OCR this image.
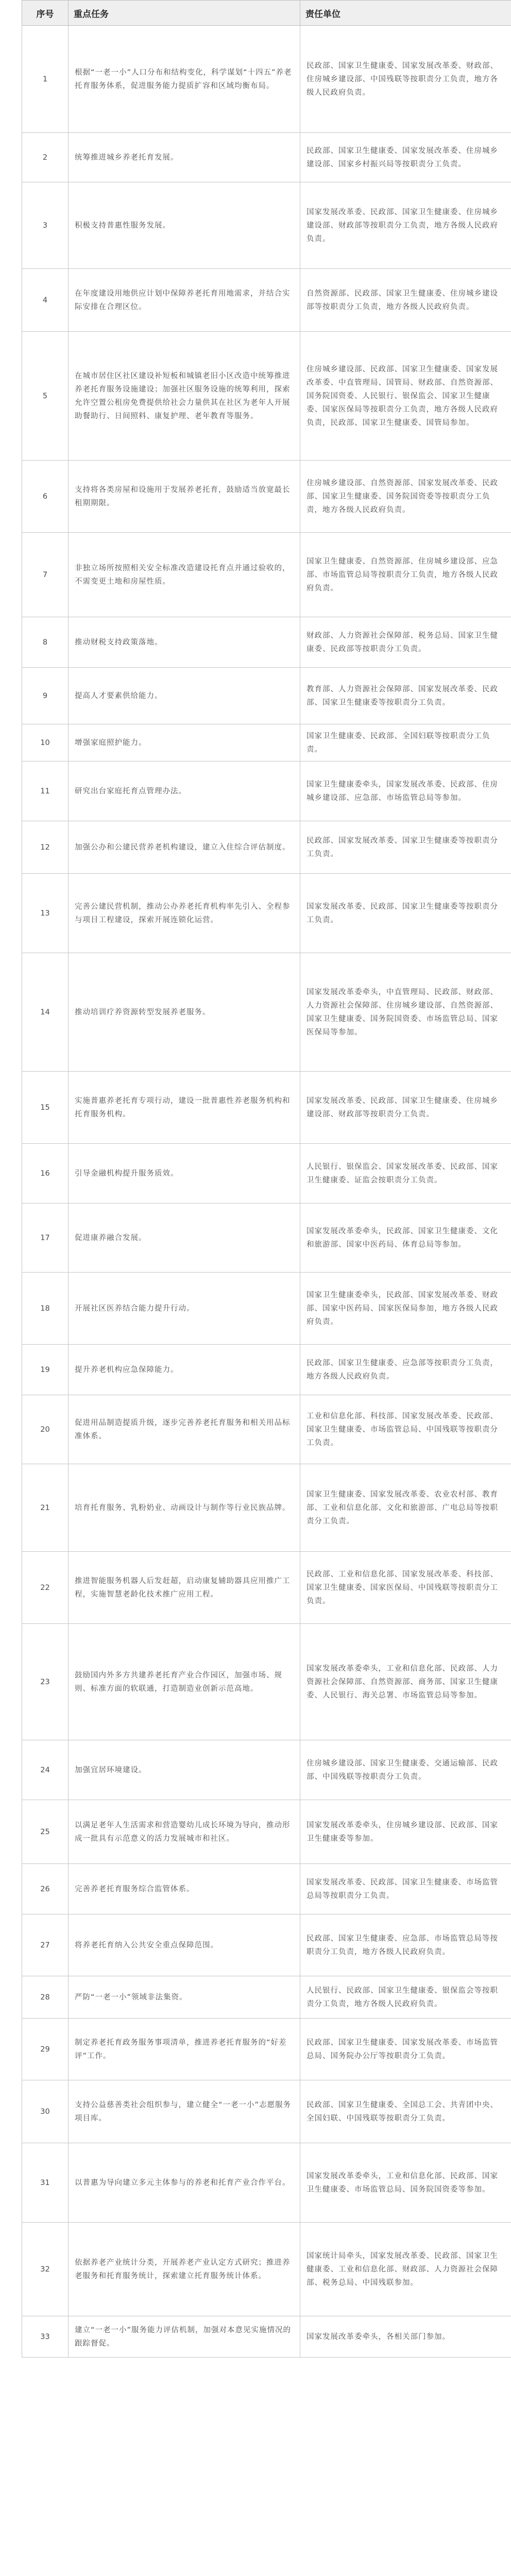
序号	重点任务	责任单位
1	根据“一老一小”人口分布和结构变化，科学谋划“十四五”养老托育服务体系，促进服务能力提质扩容和区域均衡布局。	民政部、国家卫生健康委、国家发展改革委、财政部、住房城乡建设部、中国残联等按职责分工负责，地方各级人民政府负责。
2	统筹推进城乡养老托育发展。	民政部、国家卫生健康委、国家发展改革委、住房城乡建设部、国家乡村振兴局等按职责分工负责。
3	积极支持普惠性服务发展。	国家发展改革委、民政部、国家卫生健康委、住房城乡建设部、财政部等按职责分工负责，地方各级人民政府负责。
4	在年度建设用地供应计划中保障养老托育用地需求，并结合实际安排在合理区位。	自然资源部、民政部、国家卫生健康委、住房城乡建设部等按职责分工负责，地方各级人民政府负责。
5	在城市居住区社区建设补短板和城镇老旧小区改造中统筹推进养老托育服务设施建设；加强社区服务设施的统筹利用，探索允许空置公租房免费提供给社会力量供其在社区为老年人开展助餐助行、日间照料、康复护理、老年教育等服务。	住房城乡建设部、民政部、国家卫生健康委、国家发展改革委、中直管理局、国管局、财政部、自然资源部、国务院国资委、人民银行、银保监会、国家卫生健康委、国家医保局等按职责分工负责，地方各级人民政府负责，民政部、国家卫生健康委、国管局参加。
6	支持将各类房屋和设施用于发展养老托育，鼓励适当放宽最长租期期限。	住房城乡建设部、自然资源部、国家发展改革委、民政部、国家卫生健康委、国务院国资委等按职责分工负责，地方各级人民政府负责。
7	非独立场所按照相关安全标准改造建设托育点并通过验收的，不需变更土地和房屋性质。	国家卫生健康委、自然资源部、住房城乡建设部、应急部、市场监管总局等按职责分工负责，地方各级人民政府负责。
8	推动财税支持政策落地。	财政部、人力资源社会保障部、税务总局、国家卫生健康委、民政部等按职责分工负责。
9	提高人才要素供给能力。	教育部、人力资源社会保障部、国家发展改革委、民政部、国家卫生健康委等按职责分工负责。
10	增强家庭照护能力。	国家卫生健康委、民政部、全国妇联等按职责分工负责。
11	研究出台家庭托育点管理办法。	国家卫生健康委牵头，国家发展改革委、民政部、住房城乡建设部、应急部、市场监管总局等参加。
12	加强公办和公建民营养老机构建设，建立入住综合评估制度。	民政部、国家发展改革委、国家卫生健康委等按职责分工负责。
13	完善公建民营机制，推动公办养老托育机构率先引入、全程参与项目工程建设，探索开展连锁化运营。	国家发展改革委、民政部、国家卫生健康委等按职责分工负责。
14	推动培训疗养资源转型发展养老服务。	国家发展改革委牵头，中直管理局、民政部、财政部、人力资源社会保障部、住房城乡建设部、自然资源部、国家卫生健康委、国务院国资委、市场监管总局、国家医保局等参加。
15	实施普惠养老托育专项行动，建设一批普惠性养老服务机构和托育服务机构。	国家发展改革委、民政部、国家卫生健康委、住房城乡建设部、财政部等按职责分工负责。
16	引导金融机构提升服务质效。	人民银行、银保监会、国家发展改革委、民政部、国家卫生健康委、证监会按职责分工负责。
17	促进康养融合发展。	国家发展改革委牵头，民政部、国家卫生健康委、文化和旅游部、国家中医药局、体育总局等参加。
18	开展社区医养结合能力提升行动。	国家卫生健康委牵头，民政部、国家发展改革委、财政部、国家中医药局、国家医保局参加，地方各级人民政府负责。
19	提升养老机构应急保障能力。	民政部、国家卫生健康委、应急部等按职责分工负责，地方各级人民政府负责。
20	促进用品制造提质升级，逐步完善养老托育服务和相关用品标准体系。	工业和信息化部、科技部、国家发展改革委、民政部、国家卫生健康委、市场监管总局、中国残联等按职责分工负责。
21	培育托育服务、乳粉奶业、动画设计与制作等行业民族品牌。	国家卫生健康委、国家发展改革委、农业农村部、教育部、工业和信息化部、文化和旅游部、广电总局等按职责分工负责。
22	推进智能服务机器人后发赶超，启动康复辅助器具应用推广工程，实施智慧老龄化技术推广应用工程。	民政部、工业和信息化部、国家发展改革委、科技部、国家卫生健康委、国家医保局、中国残联等按职责分工负责。
23	鼓励国内外多方共建养老托育产业合作园区，加强市场、规则、标准方面的软联通，打造制造业创新示范高地。	国家发展改革委牵头，工业和信息化部、民政部、人力资源社会保障部、自然资源部、商务部、国家卫生健康委、人民银行、海关总署、市场监管总局等参加。
24	加强宜居环境建设。	住房城乡建设部、国家卫生健康委、交通运输部、民政部、中国残联等按职责分工负责。
25	以满足老年人生活需求和营造婴幼儿成长环境为导向，推动形成一批具有示范意义的活力发展城市和社区。	国家发展改革委牵头，住房城乡建设部、民政部、国家卫生健康委等参加。
26	完善养老托育服务综合监管体系。	国家发展改革委、民政部、国家卫生健康委、市场监管总局等按职责分工负责。
27	将养老托育纳入公共安全重点保障范围。	民政部、国家卫生健康委、应急部、市场监管总局等按职责分工负责，地方各级人民政府负责。
28	严防“一老一小”领域非法集资。	人民银行、民政部、国家卫生健康委、银保监会等按职责分工负责，地方各级人民政府负责。
29	制定养老托育政务服务事项清单，推进养老托育服务的“好差评”工作。	民政部、国家卫生健康委、国家发展改革委、市场监管总局、国务院办公厅等按职责分工负责。
30	支持公益慈善类社会组织参与，建立健全“一老一小”志愿服务项目库。	民政部、国家卫生健康委、全国总工会、共青团中央、全国妇联、中国残联等按职责分工负责。
31	以普惠为导向建立多元主体参与的养老和托育产业合作平台。	国家发展改革委牵头，工业和信息化部、民政部、国家卫生健康委、市场监管总局、国务院国资委等参加。
32	依据养老产业统计分类，开展养老产业认定方式研究；推进养老服务和托育服务统计，探索建立托育服务统计体系。	国家统计局牵头，国家发展改革委、民政部、国家卫生健康委、工业和信息化部、财政部、人力资源社会保障部、税务总局、中国残联参加。
33	建立“一老一小”服务能力评估机制，加强对本意见实施情况的跟踪督促。	国家发展改革委牵头，各相关部门参加。
